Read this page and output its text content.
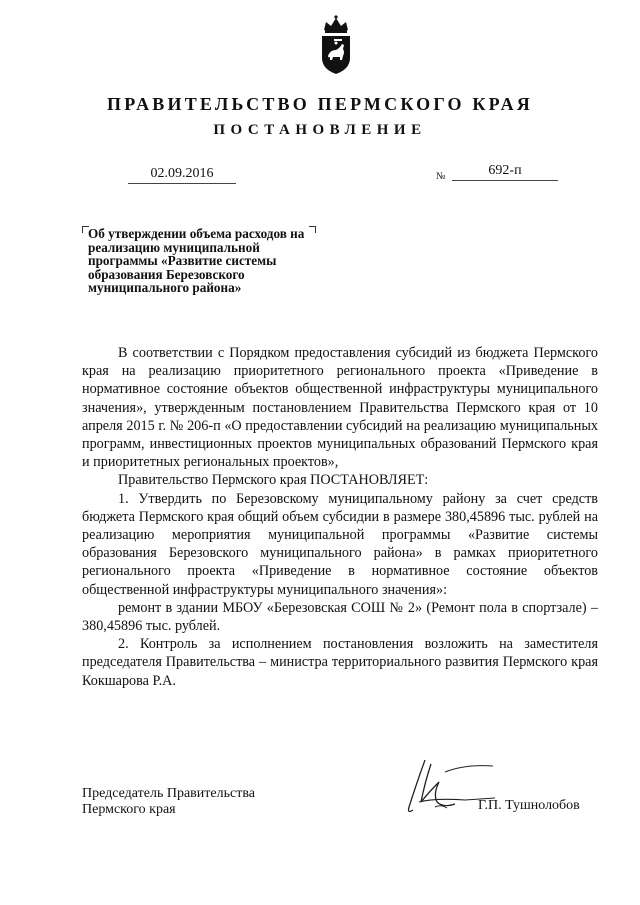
ПРАВИТЕЛЬСТВО ПЕРМСКОГО КРАЯ
ПОСТАНОВЛЕНИЕ
02.09.2016	№	692-п
Об утверждении объема расходов на реализацию муниципальной программы «Развитие системы образования Березовского муниципального района»

В соответствии с Порядком предоставления субсидий из бюджета Пермского края на реализацию приоритетного регионального проекта «Приведение в нормативное состояние объектов общественной инфраструктуры муниципального значения», утвержденным постановлением Правительства Пермского края от 10 апреля 2015 г. № 206-п «О предоставлении субсидий на реализацию муниципальных программ, инвестиционных проектов муниципальных образований Пермского края и приоритетных региональных проектов»,

Правительство Пермского края ПОСТАНОВЛЯЕТ:

1. Утвердить по Березовскому муниципальному району за счет средств бюджета Пермского края общий объем субсидии в размере 380,45896 тыс. рублей на реализацию мероприятия муниципальной программы «Развитие системы образования Березовского муниципального района» в рамках приоритетного регионального проекта «Приведение в нормативное состояние объектов общественной инфраструктуры муниципального значения»:

ремонт в здании МБОУ «Березовская СОШ № 2» (Ремонт пола в спортзале) – 380,45896 тыс. рублей.

2. Контроль за исполнением постановления возложить на заместителя председателя Правительства – министра территориального развития Пермского края Кокшарова Р.А.

Председатель Правительства
Пермского края	Г.П. Тушнолобов
